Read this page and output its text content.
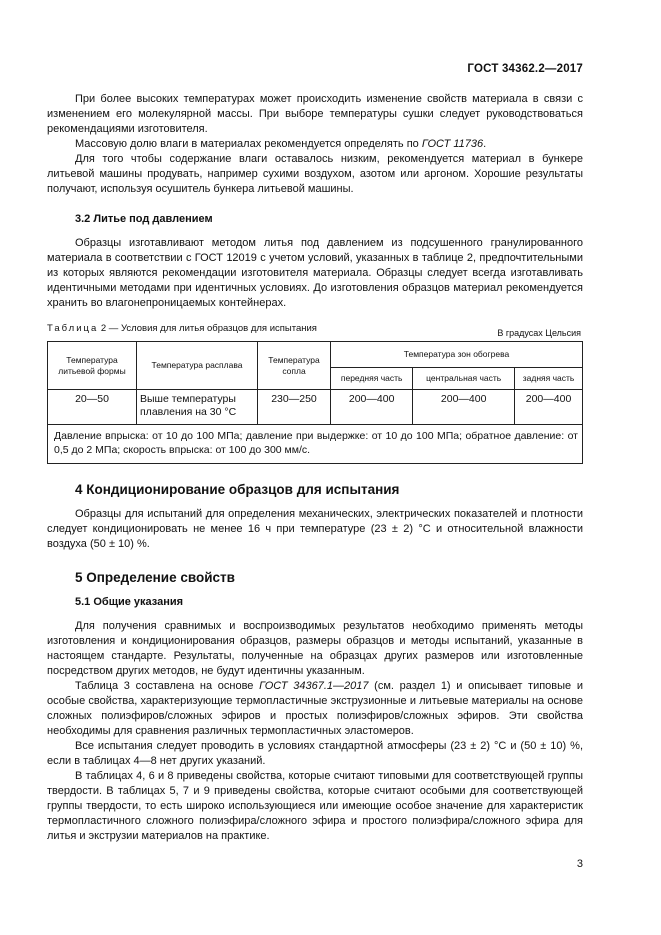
ГОСТ 34362.2—2017

При более высоких температурах может происходить изменение свойств материала в связи с изменением его молекулярной массы. При выборе температуры сушки следует руководствоваться рекомендациями изготовителя.

Массовую долю влаги в материалах рекомендуется определять по ГОСТ 11736.

Для того чтобы содержание влаги оставалось низким, рекомендуется материал в бункере литьевой машины продувать, например сухими воздухом, азотом или аргоном. Хорошие результаты получают, используя осушитель бункера литьевой машины.

3.2 Литье под давлением

Образцы изготавливают методом литья под давлением из подсушенного гранулированного материала в соответствии с ГОСТ 12019 с учетом условий, указанных в таблице 2, предпочтительными из которых являются рекомендации изготовителя материала. Образцы следует всегда изготавливать идентичными методами при идентичных условиях. До изготовления образцов материал рекомендуется хранить во влагонепроницаемых контейнерах.

Таблица 2 — Условия для литья образцов для испытания	В градусах Цельсия
Температура литьевой формы	Температура расплава	Температура сопла	Температура зон обогрева		
			передняя часть	центральная часть	задняя часть
20—50	Выше температуры плавления на 30 °С	230—250	200—400	200—400	200—400
Давление впрыска: от 10 до 100 МПа; давление при выдержке: от 10 до 100 МПа; обратное давление: от 0,5 до 2 МПа; скорость впрыска: от 100 до 300 мм/с.					
4 Кондиционирование образцов для испытания

Образцы для испытаний для определения механических, электрических показателей и плотности следует кондиционировать не менее 16 ч при температуре (23 ± 2) °С и относительной влажности воздуха (50 ± 10) %.

5 Определение свойств
5.1 Общие указания

Для получения сравнимых и воспроизводимых результатов необходимо применять методы изготовления и кондиционирования образцов, размеры образцов и методы испытаний, указанные в настоящем стандарте. Результаты, полученные на образцах других размеров или изготовленные посредством других методов, не будут идентичны указанным.

Таблица 3 составлена на основе ГОСТ 34367.1—2017 (см. раздел 1) и описывает типовые и особые свойства, характеризующие термопластичные экструзионные и литьевые материалы на основе сложных полиэфиров/сложных эфиров и простых полиэфиров/сложных эфиров. Эти свойства необходимы для сравнения различных термопластичных эластомеров.

Все испытания следует проводить в условиях стандартной атмосферы (23 ± 2) °С и (50 ± 10) %, если в таблицах 4—8 нет других указаний.

В таблицах 4, 6 и 8 приведены свойства, которые считают типовыми для соответствующей группы твердости. В таблицах 5, 7 и 9 приведены свойства, которые считают особыми для соответствующей группы твердости, то есть широко использующиеся или имеющие особое значение для характеристик термопластичного сложного полиэфира/сложного эфира и простого полиэфира/сложного эфира для литья и экструзии материалов на практике.

3
